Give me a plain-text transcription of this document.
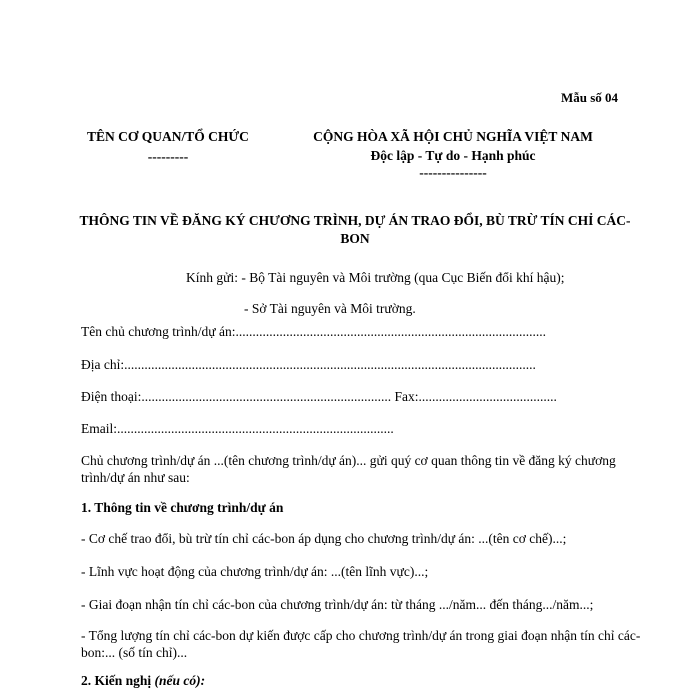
Mẫu số 04
TÊN CƠ QUAN/TỔ CHỨC
---------
CỘNG HÒA XÃ HỘI CHỦ NGHĨA VIỆT NAM
Độc lập - Tự do - Hạnh phúc
---------------
THÔNG TIN VỀ ĐĂNG KÝ CHƯƠNG TRÌNH, DỰ ÁN TRAO ĐỔI, BÙ TRỪ TÍN CHỈ CÁC-BON
Kính gửi: - Bộ Tài nguyên và Môi trường (qua Cục Biến đổi khí hậu);
- Sở Tài nguyên và Môi trường.
Tên chủ chương trình/dự án:............................................................................................
Địa chỉ:..........................................................................................................................
Điện thoại:.......................................................................... Fax:.........................................
Email:..................................................................................
Chủ chương trình/dự án ...(tên chương trình/dự án)... gửi quý cơ quan thông tin về đăng ký chương trình/dự án như sau:
1. Thông tin về chương trình/dự án
- Cơ chế trao đổi, bù trừ tín chỉ các-bon áp dụng cho chương trình/dự án: ...(tên cơ chế)...;
- Lĩnh vực hoạt động của chương trình/dự án: ...(tên lĩnh vực)...;
- Giai đoạn nhận tín chỉ các-bon của chương trình/dự án: từ tháng .../năm... đến tháng.../năm...;
- Tổng lượng tín chỉ các-bon dự kiến được cấp cho chương trình/dự án trong giai đoạn nhận tín chỉ các-bon:... (số tín chỉ)...
2. Kiến nghị (nếu có):
